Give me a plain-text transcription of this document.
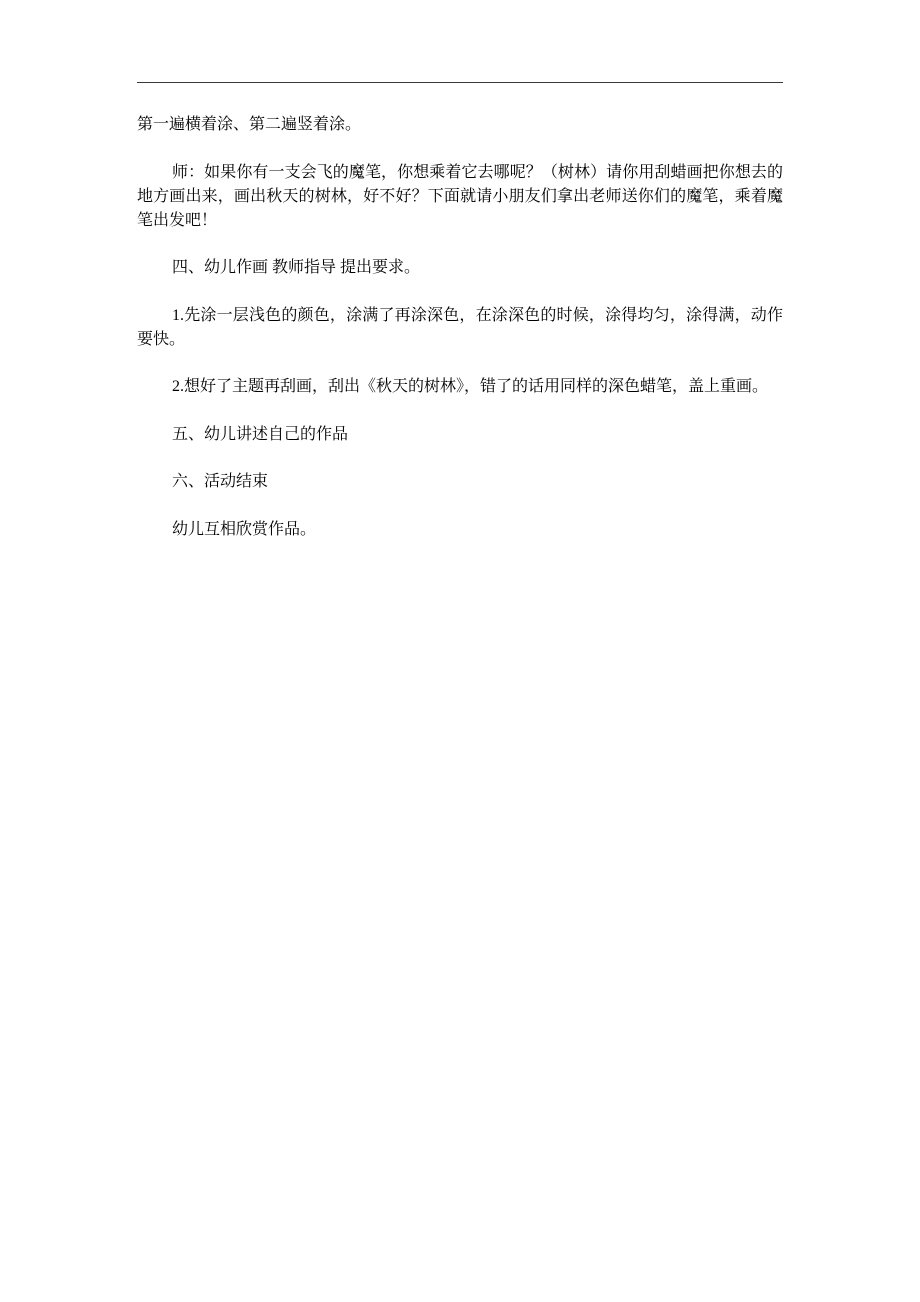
第一遍横着涂、第二遍竖着涂。
师：如果你有一支会飞的魔笔，你想乘着它去哪呢？（树林）请你用刮蜡画把你想去的
地方画出来，画出秋天的树林，好不好？下面就请小朋友们拿出老师送你们的魔笔，乘着魔
笔出发吧！
四、幼儿作画 教师指导 提出要求。
1.先涂一层浅色的颜色，涂满了再涂深色，在涂深色的时候，涂得均匀，涂得满，动作
要快。
2.想好了主题再刮画，刮出《秋天的树林》，错了的话用同样的深色蜡笔，盖上重画。
五、幼儿讲述自己的作品
六、活动结束
幼儿互相欣赏作品。
